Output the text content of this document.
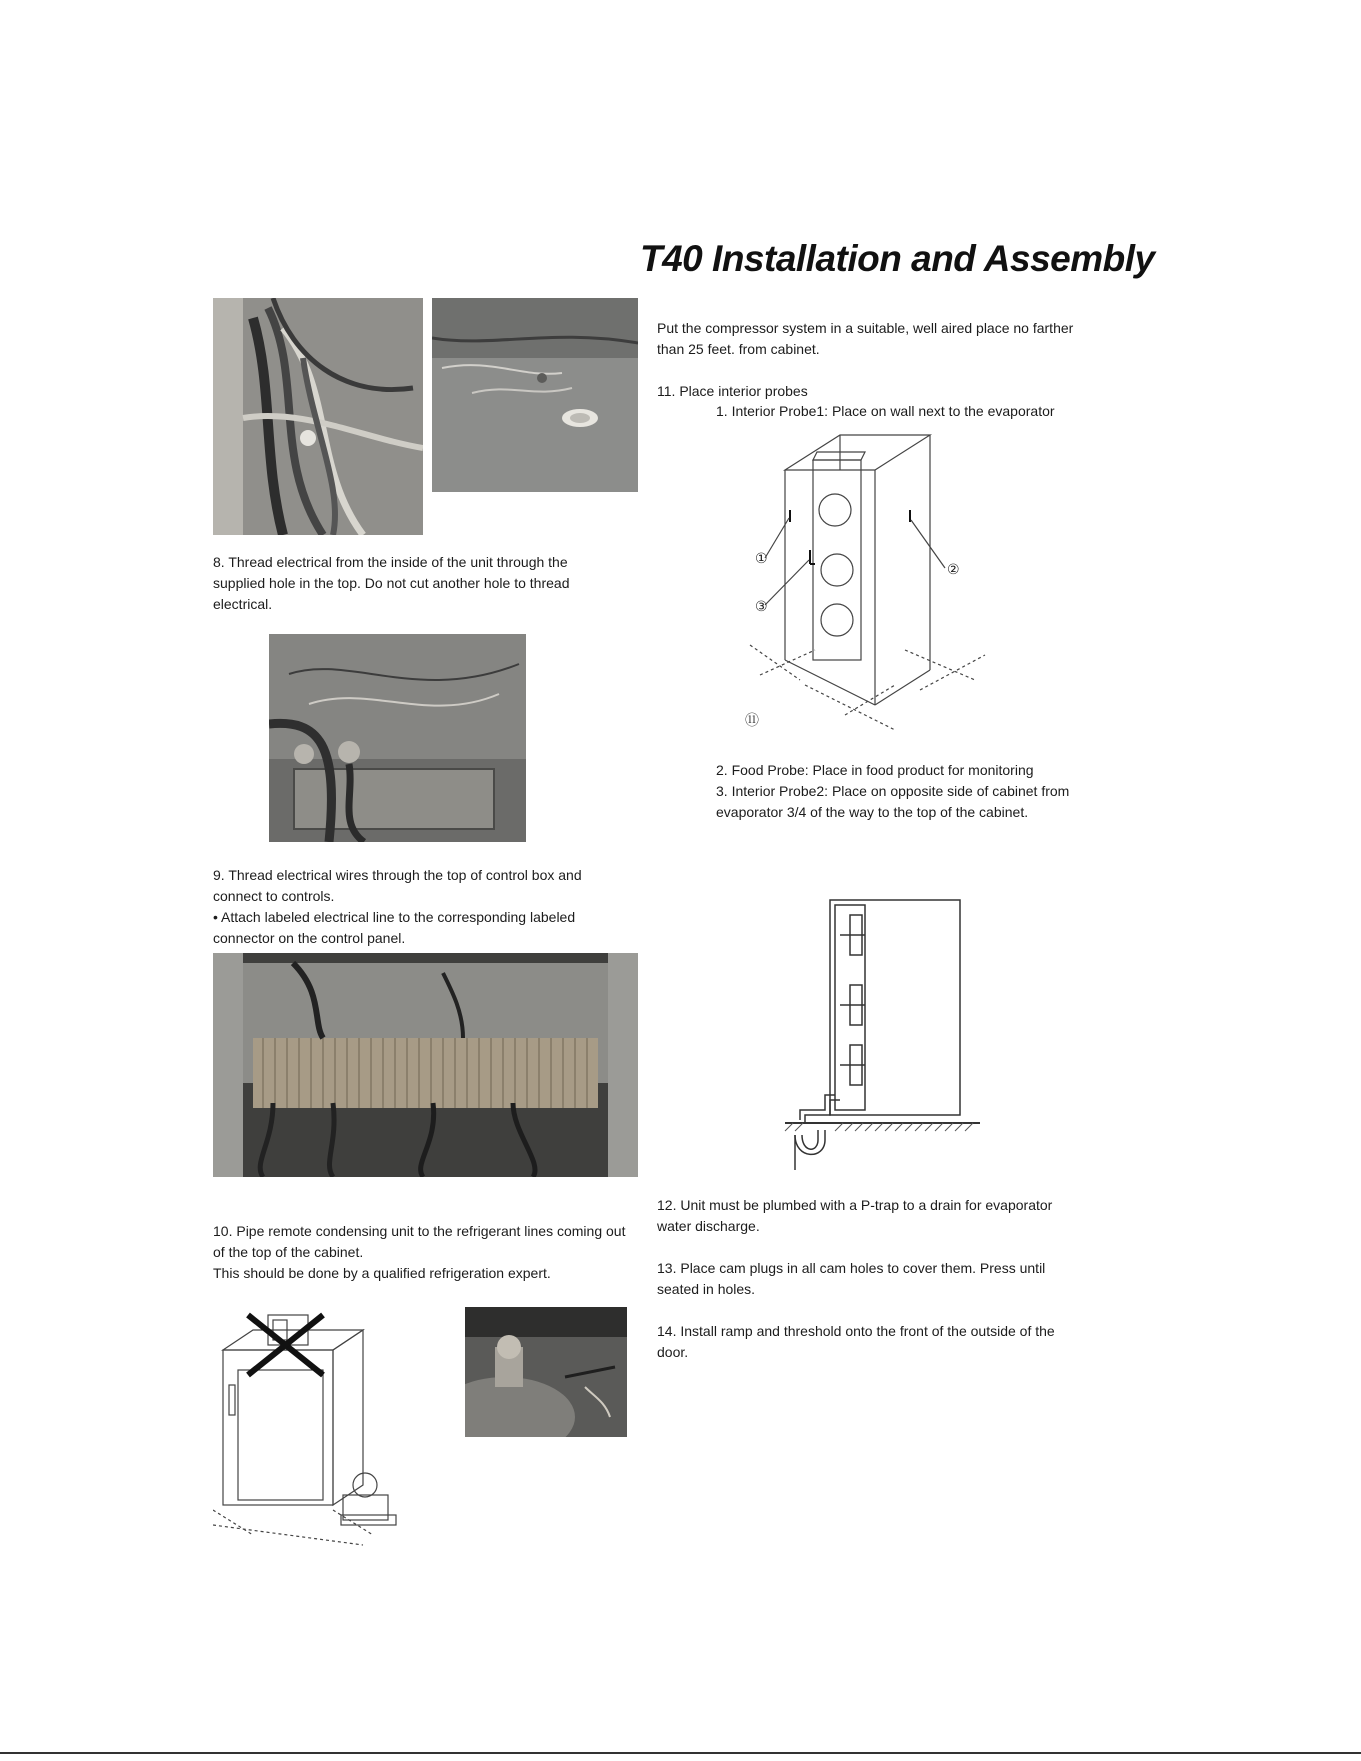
T40 Installation and Assembly
8. Thread electrical from the inside of the unit through the supplied hole in the top. Do not cut another hole to thread electrical.

9. Thread electrical wires through the top of control box and connect to controls.

• Attach labeled electrical line to the corresponding labeled connector on the control panel.

10. Pipe remote condensing unit to the refrigerant lines coming out of the top of the cabinet.

This should be done by a qualified refrigeration expert.

Put the compressor system in a suitable, well aired place no farther than 25 feet. from cabinet.
11. Place interior probes
1. Interior Probe1: Place on wall next to the evaporator
①
②
③
⑪
2. Food Probe: Place in food product for monitoring
3. Interior Probe2: Place on opposite side of cabinet from evaporator 3/4 of the way to the top of the cabinet.
12. Unit must be plumbed with a P-trap to a drain for evaporator water discharge.
13. Place cam plugs in all cam holes to cover them. Press until seated in holes.
14. Install ramp and threshold onto the front of the outside of the door.
